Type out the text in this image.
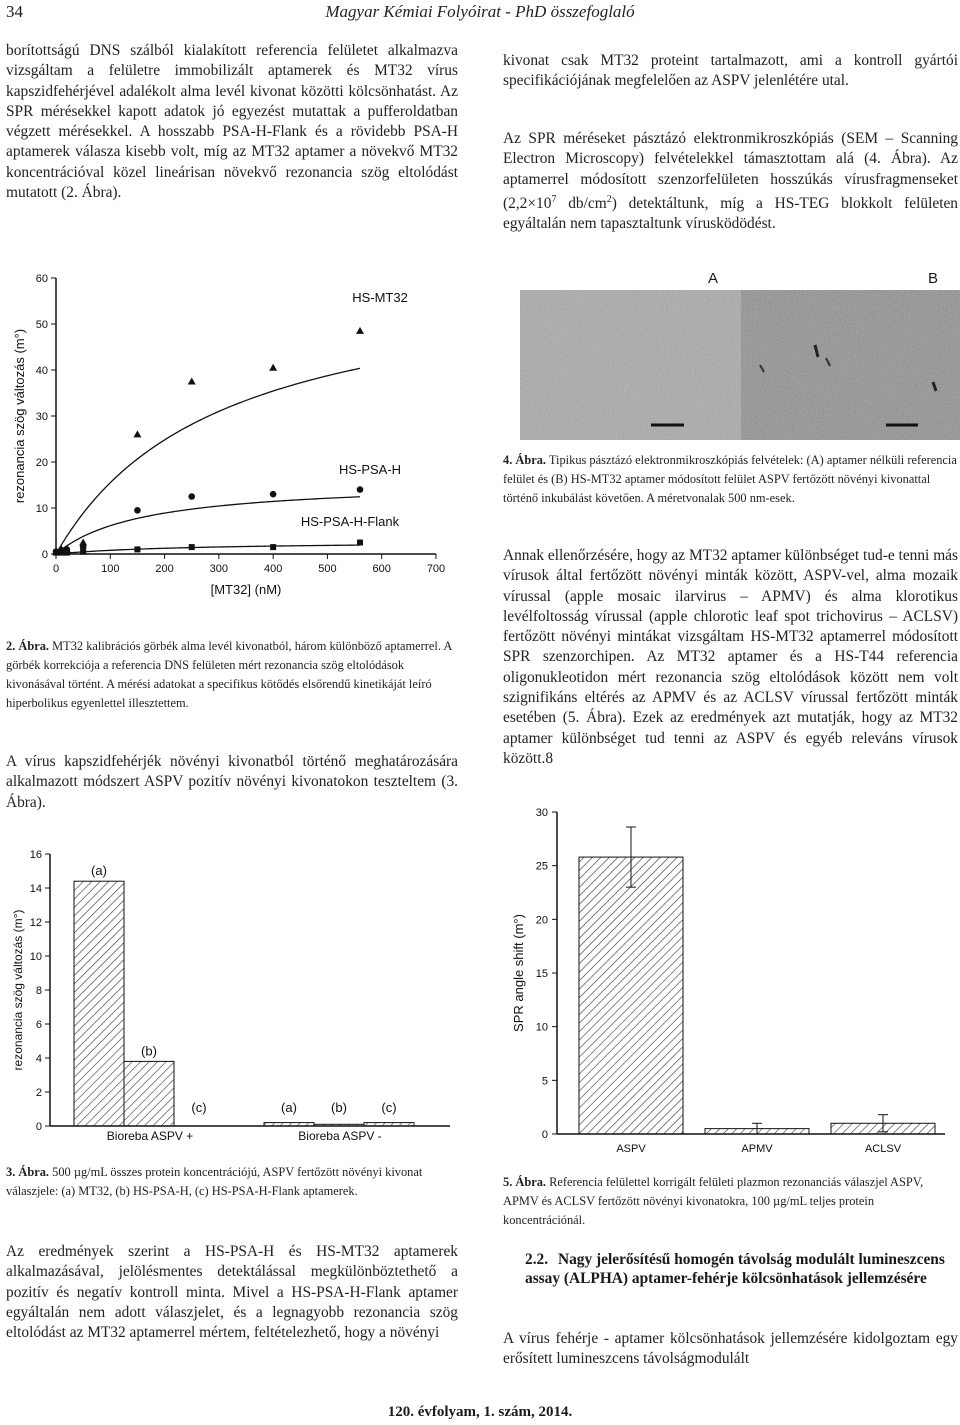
34	Magyar Kémiai Folyóirat - PhD összefoglaló

borítottságú DNS szálból kialakított referencia felületet alkalmazva vizsgáltam a felületre immobilizált aptamerek és MT32 vírus kapszidfehérjével adalékolt alma levél kivonat közötti kölcsönhatást. Az SPR mérésekkel kapott adatok jó egyezést mutattak a pufferoldatban végzett mérésekkel. A hosszabb PSA-H-Flank és a rövidebb PSA-H aptamerek válasza kisebb volt, míg az MT32 aptamer a növekvő MT32 koncentrációval közel lineárisan növekvő rezonancia szög eltolódást mutatott (2. Ábra).

0	100	200	300	400	500	600	700
0
10
20
30
40
50
60
[MT32] (nM)
rezonancia szög változás (m°)
HS-MT32
HS-PSA-H
HS-PSA-H-Flank
2. Ábra. MT32 kalibrációs görbék alma levél kivonatból, három különböző aptamerrel. A görbék korrekciója a referencia DNS felületen mért rezonancia szög eltolódások kivonásával történt. A mérési adatokat a specifikus kötődés elsőrendű kinetikáját leíró hiperbolikus egyenlettel illesztettem.

A vírus kapszidfehérjék növényi kivonatból történő meghatározására alkalmazott módszert ASPV pozitív növényi kivonatokon teszteltem (3. Ábra).

0
2
4
6
8
10
12
14
16
rezonancia szög változás (m°)
(a)
(b)
(c)	(a)	(b)	(c)
Bioreba ASPV +	Bioreba ASPV -
3. Ábra. 500 µg/mL összes protein koncentrációjú, ASPV fertőzött növényi kivonat válaszjele: (a) MT32, (b) HS-PSA-H, (c) HS-PSA-H-Flank aptamerek.

Az eredmények szerint a HS-PSA-H és HS-MT32 aptamerek alkalmazásával, jelölésmentes detektálással megkülönböztethető a pozitív és negatív kontroll minta. Mivel a HS-PSA-H-Flank aptamer egyáltalán nem adott válaszjelet, és a legnagyobb rezonancia szög eltolódást az MT32 aptamerrel mértem, feltételezhető, hogy a növényi

kivonat csak MT32 proteint tartalmazott, ami a kontroll gyártói specifikációjának megfelelően az ASPV jelenlétére utal.

Az SPR méréseket pásztázó elektronmikroszkópiás (SEM – Scanning Electron Microscopy) felvételekkel támasztottam alá (4. Ábra). Az aptamerrel módosított szenzorfelületen hosszúkás vírusfragmenseket ($2,2\times 10^7$ $db/cm^2$) detektáltunk, míg a HS-TEG blokkolt felületen egyáltalán nem tapasztaltunk vírusködödést.

A	B
4. Ábra. Tipikus pásztázó elektronmikroszkópiás felvételek: (A) aptamer nélküli referencia felület és (B) HS-MT32 aptamer módosított felület ASPV fertőzött növényi kivonattal történő inkubálást követően. A méretvonalak 500 nm-esek.

Annak ellenőrzésére, hogy az MT32 aptamer különbséget tud-e tenni más vírusok által fertőzött növényi minták között, ASPV-vel, alma mozaik vírussal (apple mosaic ilarvirus – APMV) és alma klorotikus levélfoltosság vírussal (apple chlorotic leaf spot trichovirus – ACLSV) fertőzött növényi mintákat vizsgáltam HS-MT32 aptamerrel módosított SPR szenzorchipen. Az MT32 aptamer és a HS-T44 referencia oligonukleotidon mért rezonancia szög eltolódások között nem volt szignifikáns eltérés az APMV és az ACLSV vírussal fertőzött minták esetében (5. Ábra). Ezek az eredmények azt mutatják, hogy az MT32 aptamer különbséget tud tenni az ASPV és egyéb releváns vírusok között.8

0
5
10
15
20
25
30
SPR angle shift (m°)
ASPV	APMV	ACLSV
5. Ábra. Referencia felülettel korrigált felületi plazmon rezonanciás válaszjel ASPV, APMV és ACLSV fertőzött növényi kivonatokra, 100 µg/mL teljes protein koncentrációnál.
2.2. Nagy jelerősítésű homogén távolság modulált lumineszcens assay (ALPHA) aptamer-fehérje kölcsönhatások jellemzésére

A vírus fehérje - aptamer kölcsönhatások jellemzésére kidolgoztam egy erősített lumineszcens távolságmodulált

120. évfolyam, 1. szám, 2014.
